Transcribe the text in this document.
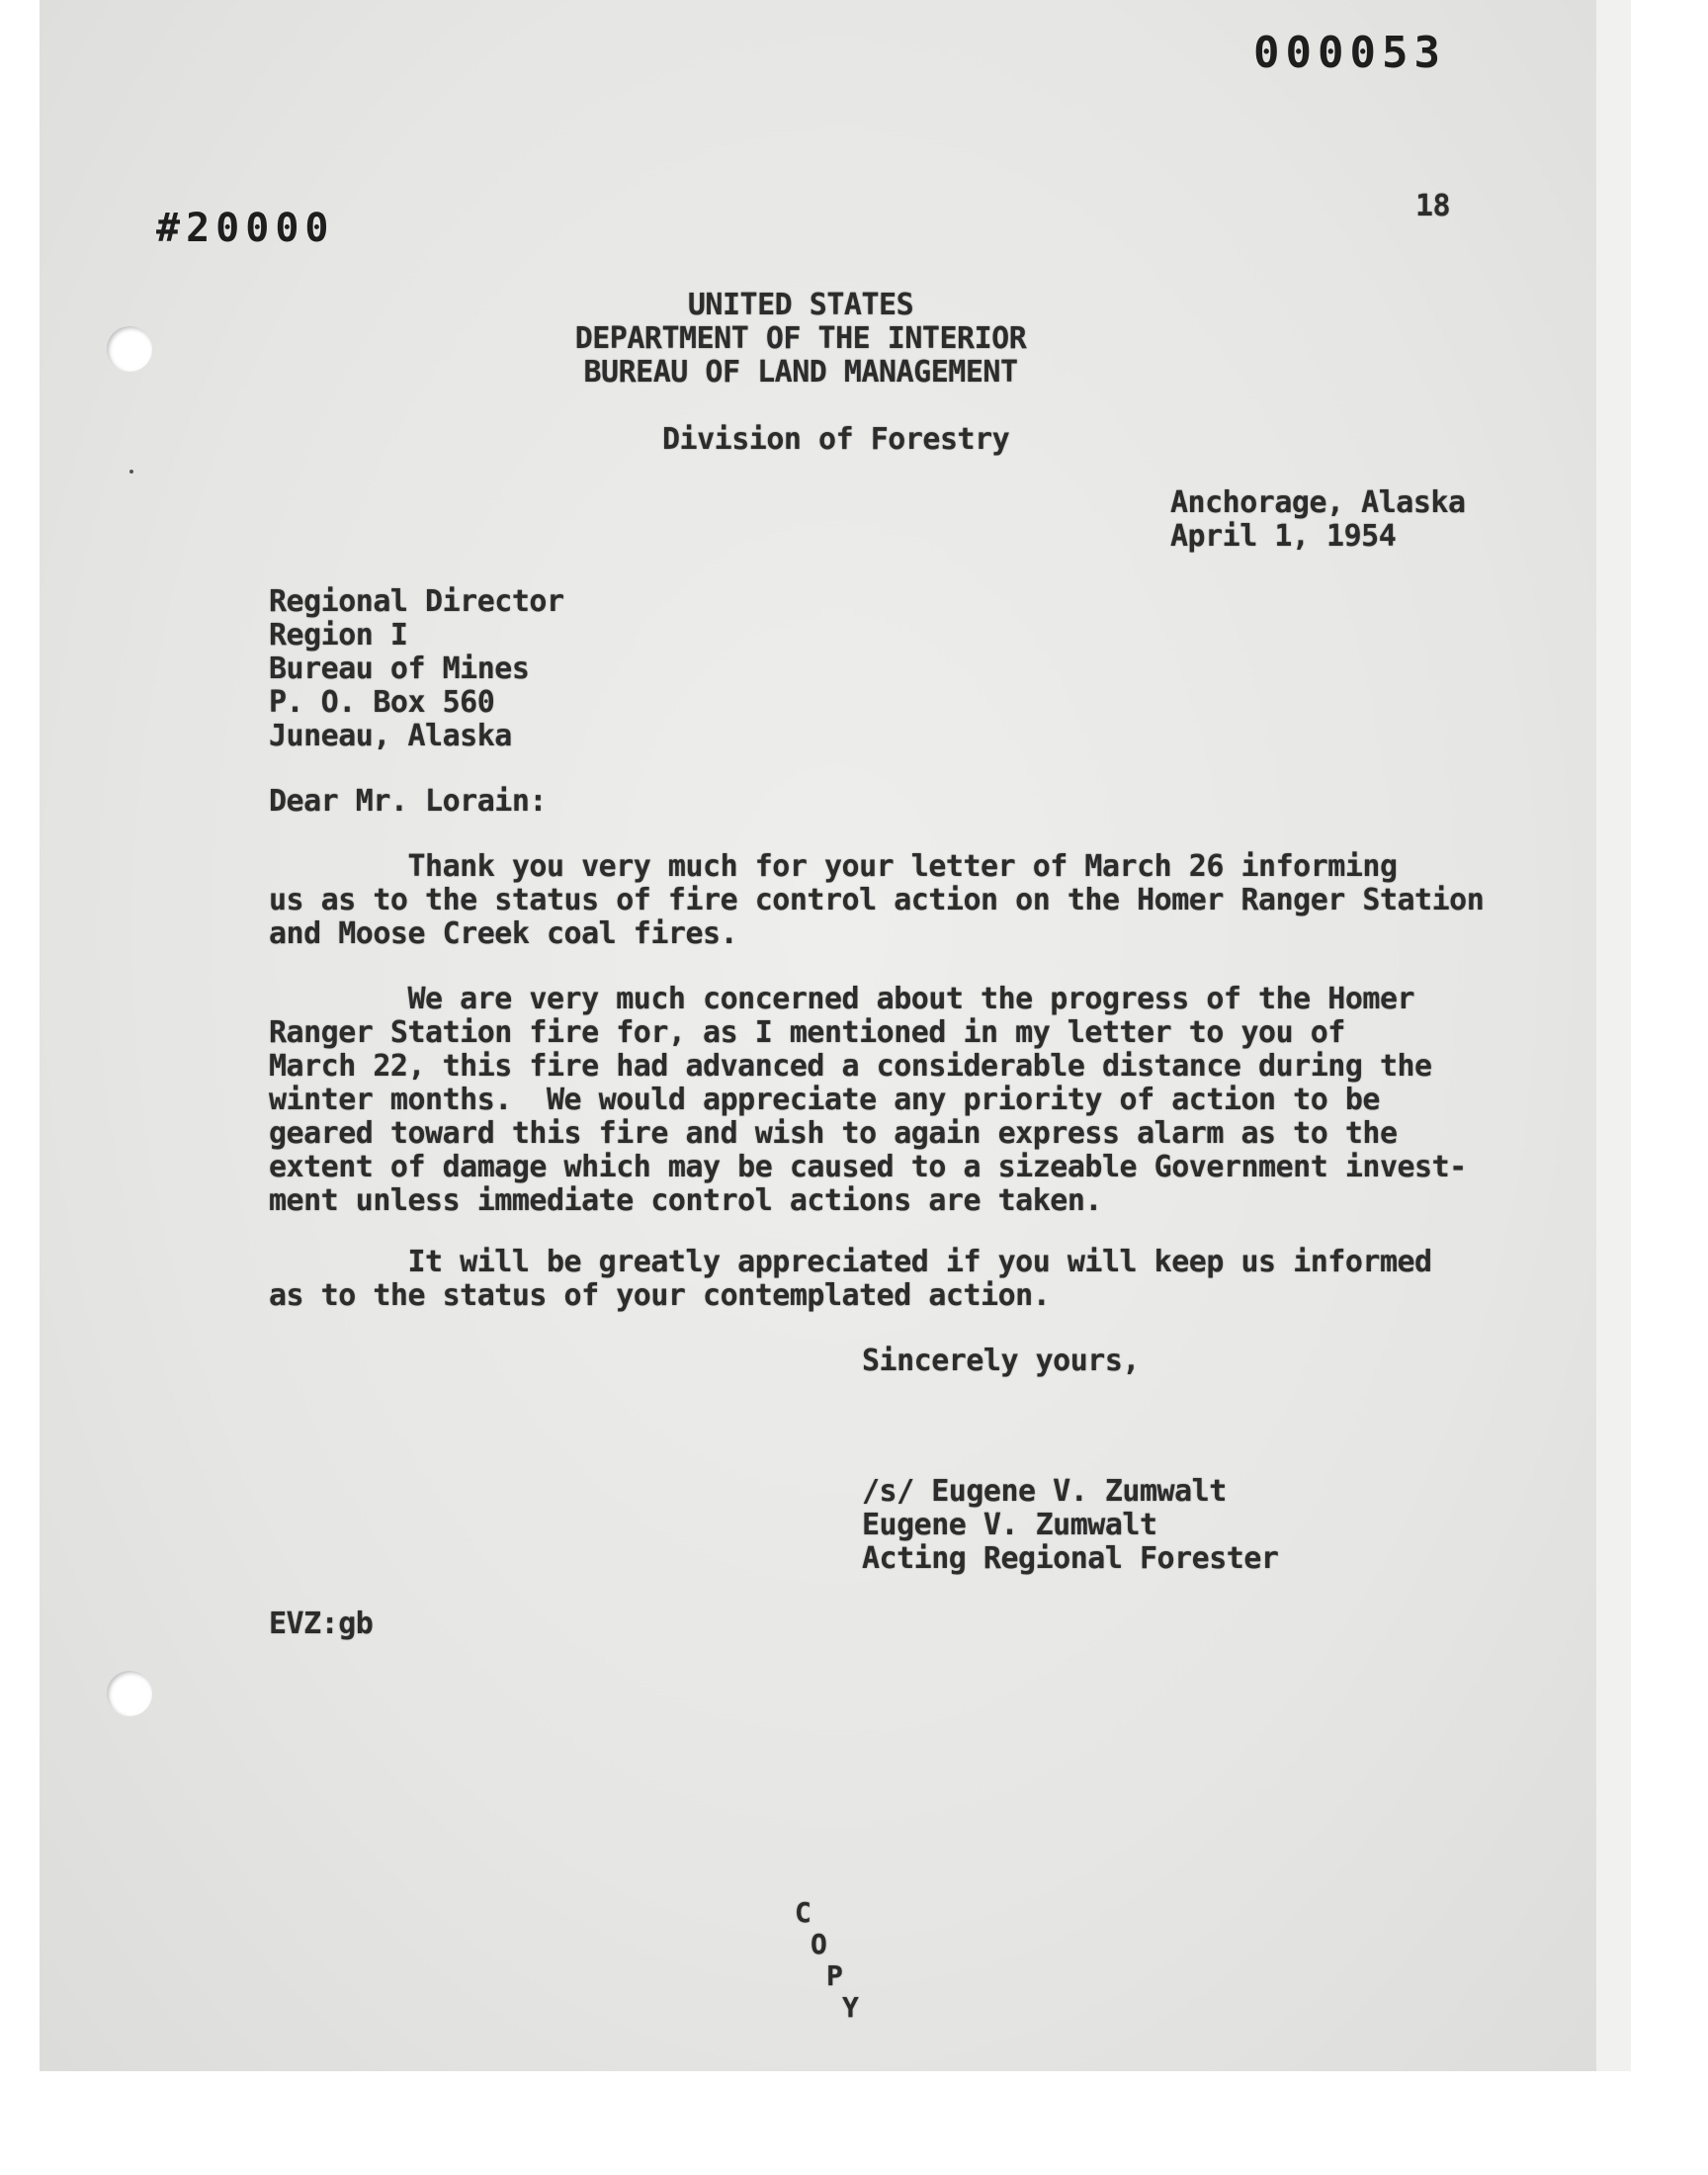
000053
#20000	18
UNITED STATES
DEPARTMENT OF THE INTERIOR
BUREAU OF LAND MANAGEMENT
Division of Forestry
Anchorage, Alaska
April 1, 1954
Regional Director
Region I
Bureau of Mines
P. O. Box 560
Juneau, Alaska
Dear Mr. Lorain:
Thank you very much for your letter of March 26 informing
us as to the status of fire control action on the Homer Ranger Station
and Moose Creek coal fires.
We are very much concerned about the progress of the Homer
Ranger Station fire for, as I mentioned in my letter to you of
March 22, this fire had advanced a considerable distance during the
winter months.  We would appreciate any priority of action to be
geared toward this fire and wish to again express alarm as to the
extent of damage which may be caused to a sizeable Government invest-
ment unless immediate control actions are taken.
It will be greatly appreciated if you will keep us informed
as to the status of your contemplated action.
Sincerely yours,
/s/ Eugene V. Zumwalt
Eugene V. Zumwalt
Acting Regional Forester
EVZ:gb
C
O
P
Y
